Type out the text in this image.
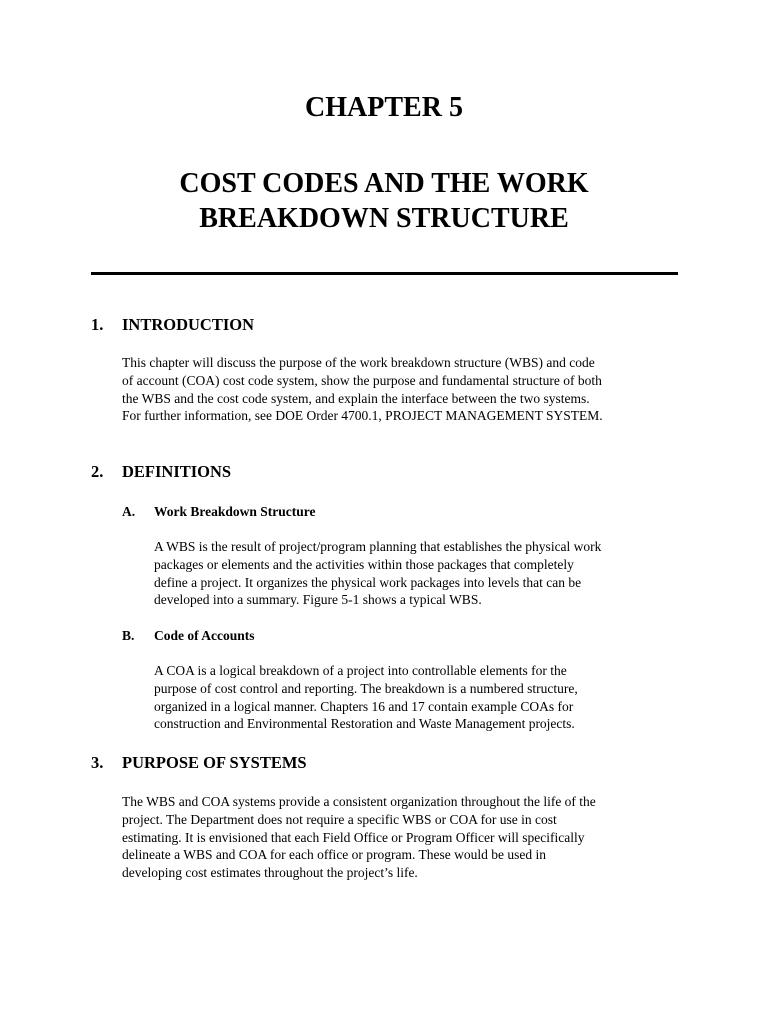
CHAPTER 5
COST CODES AND THE WORK
BREAKDOWN STRUCTURE
1. INTRODUCTION

This chapter will discuss the purpose of the work breakdown structure (WBS) and code
of account (COA) cost code system, show the purpose and fundamental structure of both
the WBS and the cost code system, and explain the interface between the two systems.
For further information, see DOE Order 4700.1, PROJECT MANAGEMENT SYSTEM.

2. DEFINITIONS
A. Work Breakdown Structure

A WBS is the result of project/program planning that establishes the physical work
packages or elements and the activities within those packages that completely
define a project. It organizes the physical work packages into levels that can be
developed into a summary. Figure 5-1 shows a typical WBS.

B. Code of Accounts

A COA is a logical breakdown of a project into controllable elements for the
purpose of cost control and reporting. The breakdown is a numbered structure,
organized in a logical manner. Chapters 16 and 17 contain example COAs for
construction and Environmental Restoration and Waste Management projects.

3. PURPOSE OF SYSTEMS

The WBS and COA systems provide a consistent organization throughout the life of the
project. The Department does not require a specific WBS or COA for use in cost
estimating. It is envisioned that each Field Office or Program Officer will specifically
delineate a WBS and COA for each office or program. These would be used in
developing cost estimates throughout the project’s life.
